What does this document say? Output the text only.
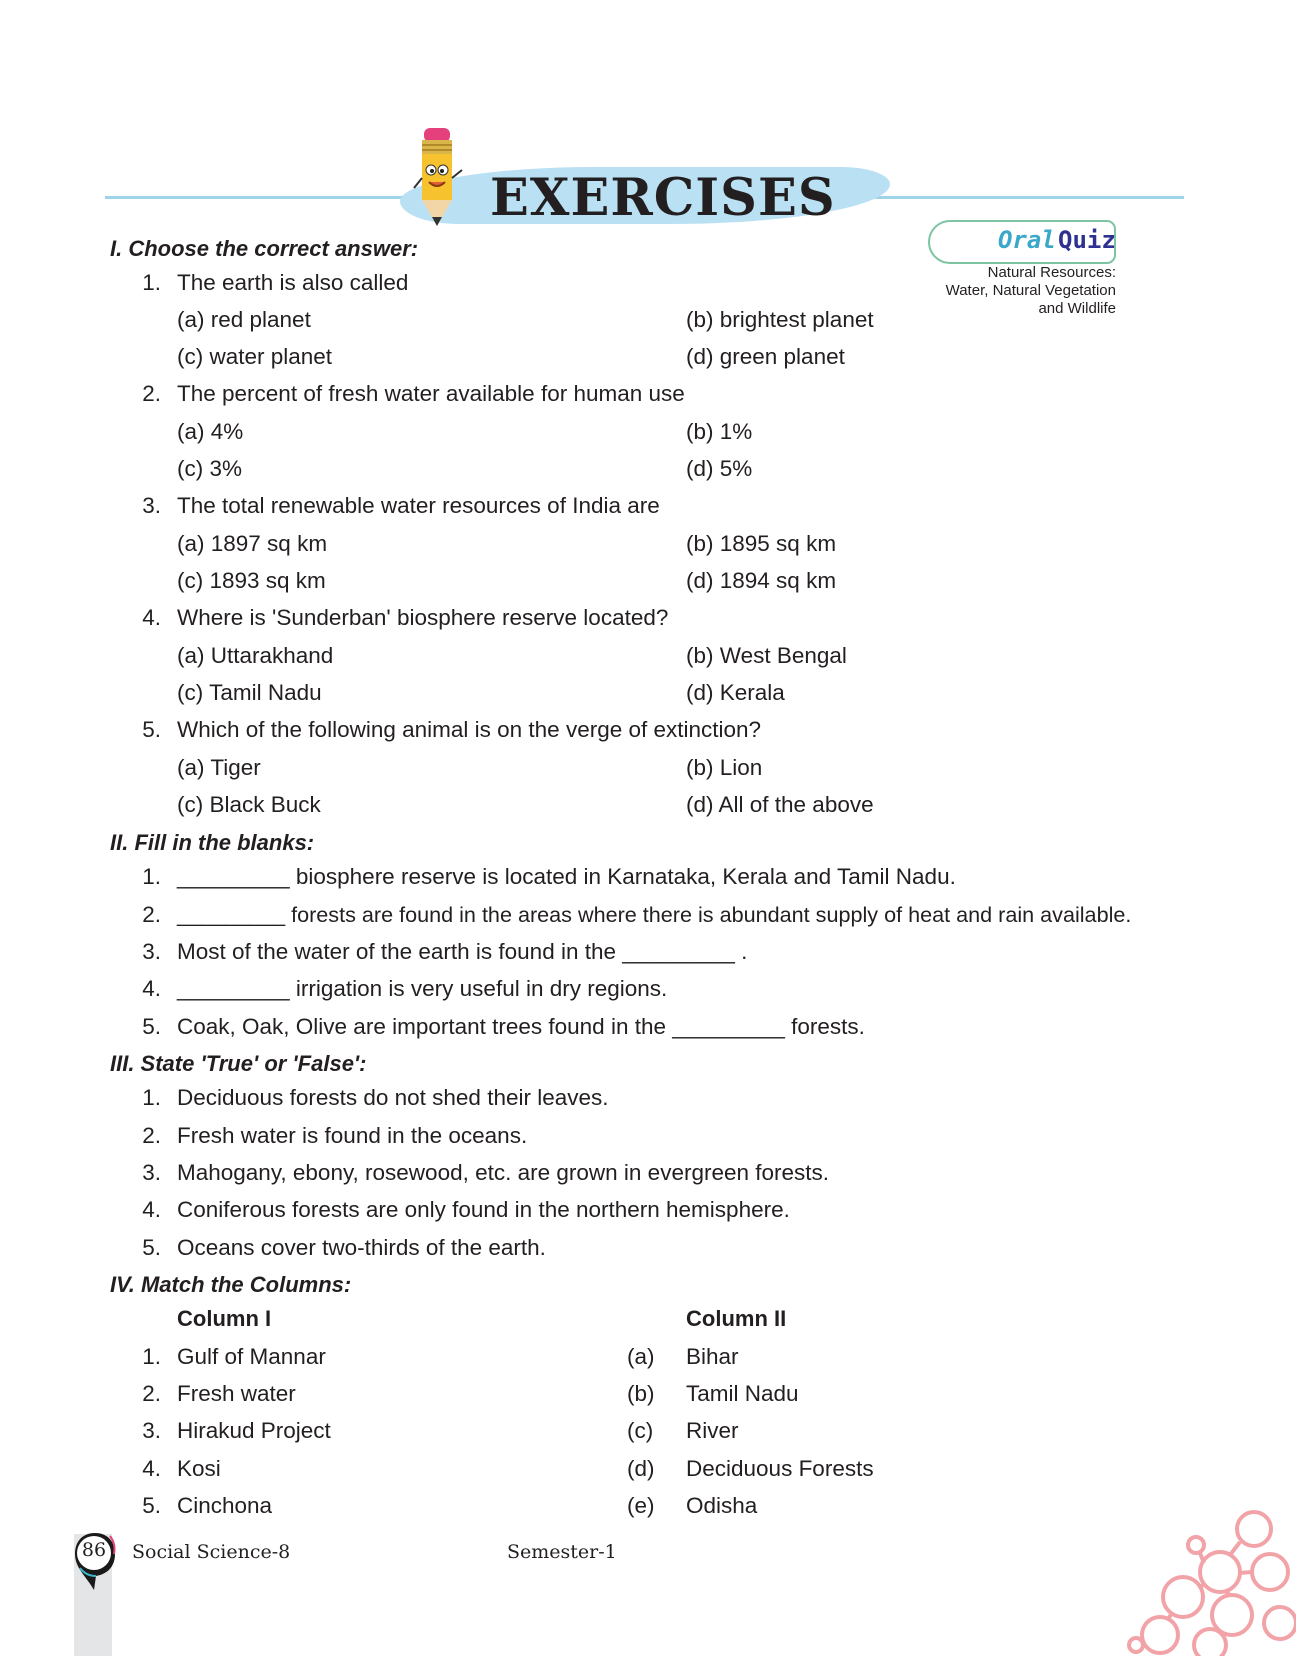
EXERCISES
Oral Quiz
Natural Resources:
Water, Natural Vegetation
and Wildlife
I. Choose the correct answer:
1. The earth is also called
(a) red planet	(b) brightest planet
(c) water planet	(d) green planet
2. The percent of fresh water available for human use
(a) 4%	(b) 1%
(c) 3%	(d) 5%
3. The total renewable water resources of India are
(a) 1897 sq km	(b) 1895 sq km
(c) 1893 sq km	(d) 1894 sq km
4. Where is 'Sunderban' biosphere reserve located?
(a) Uttarakhand	(b) West Bengal
(c) Tamil Nadu	(d) Kerala
5. Which of the following animal is on the verge of extinction?
(a) Tiger	(b) Lion
(c) Black Buck	(d) All of the above
II. Fill in the blanks:
1. _________ biosphere reserve is located in Karnataka, Kerala and Tamil Nadu.
2. _________ forests are found in the areas where there is abundant supply of heat and rain available.
3. Most of the water of the earth is found in the _________ .
4. _________ irrigation is very useful in dry regions.
5. Coak, Oak, Olive are important trees found in the _________ forests.
III. State 'True' or 'False':
1. Deciduous forests do not shed their leaves.
2. Fresh water is found in the oceans.
3. Mahogany, ebony, rosewood, etc. are grown in evergreen forests.
4. Coniferous forests are only found in the northern hemisphere.
5. Oceans cover two-thirds of the earth.
IV. Match the Columns:
Column I	Column II
1. Gulf of Mannar	(a) Bihar
2. Fresh water	(b) Tamil Nadu
3. Hirakud Project	(c) River
4. Kosi	(d) Deciduous Forests
5. Cinchona	(e) Odisha
86 Social Science-8	Semester-1
